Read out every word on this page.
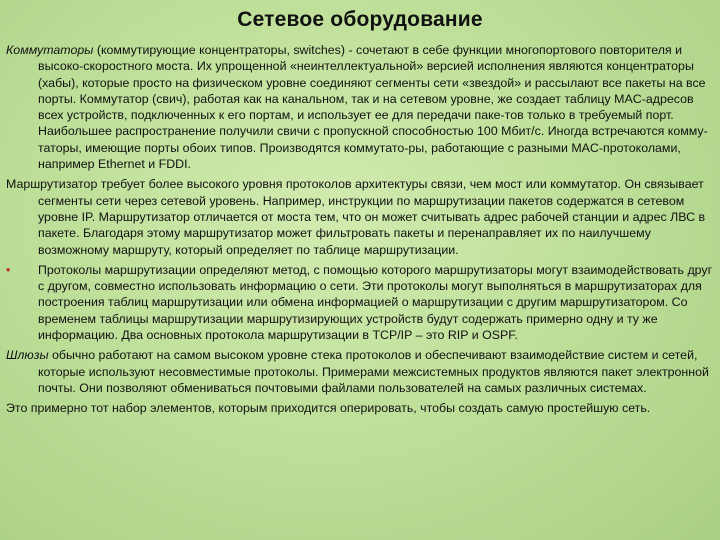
Сетевое оборудование

Коммутаторы (коммутирующие концентраторы, switches) - сочетают в себе функции многопортового повторителя и высоко-скоростного моста. Их упрощенной «неинтеллектуальной» версией исполнения являются концентраторы (хабы), которые просто на физическом уровне соединяют сегменты сети «звездой» и рассылают все пакеты на все порты. Коммутатор (свич), работая как на канальном, так и на сетевом уровне, же создает таблицу MAC-адресов всех устройств, подключенных к его портам, и использует ее для передачи паке-тов только в требуемый порт. Наибольшее распространение получили свичи с пропускной способностью 100 Мбит/с. Иногда встречаются комму-таторы, имеющие порты обоих типов. Производятся коммутато-ры, работающие с разными MAC-протоколами, например Ethernet и FDDI.

Маршрутизатор требует более высокого уровня протоколов архитектуры связи, чем мост или коммутатор. Он связывает сегменты сети через сетевой уровень. Например, инструкции по маршрутизации пакетов содержатся в сетевом уровне IP. Маршрутизатор отличается от моста тем, что он может считывать адрес рабочей станции и адрес ЛВС в пакете. Благодаря этому маршрутизатор может фильтровать пакеты и перенаправляет их по наилучшему возможному маршруту, который определяет по таблице маршрутизации.

• Протоколы маршрутизации определяют метод, с помощью которого маршрутизаторы могут взаимодействовать друг с другом, совместно использовать информацию о сети. Эти протоколы могут выполняться в маршрутизаторах для построения таблиц маршрутизации или обмена информацией о маршрутизации с другим маршрутизатором. Со временем таблицы маршрутизации маршрутизирующих устройств будут содержать примерно одну и ту же информацию. Два основных протокола маршрутизации в TCP/IP – это RIP и OSPF.

Шлюзы обычно работают на самом высоком уровне стека протоколов и обеспечивают взаимодействие систем и сетей, которые используют несовместимые протоколы. Примерами межсистемных продуктов являются пакет электронной почты. Они позволяют обмениваться почтовыми файлами пользователей на самых различных системах.

Это примерно тот набор элементов, которым приходится оперировать, чтобы создать самую простейшую сеть.
